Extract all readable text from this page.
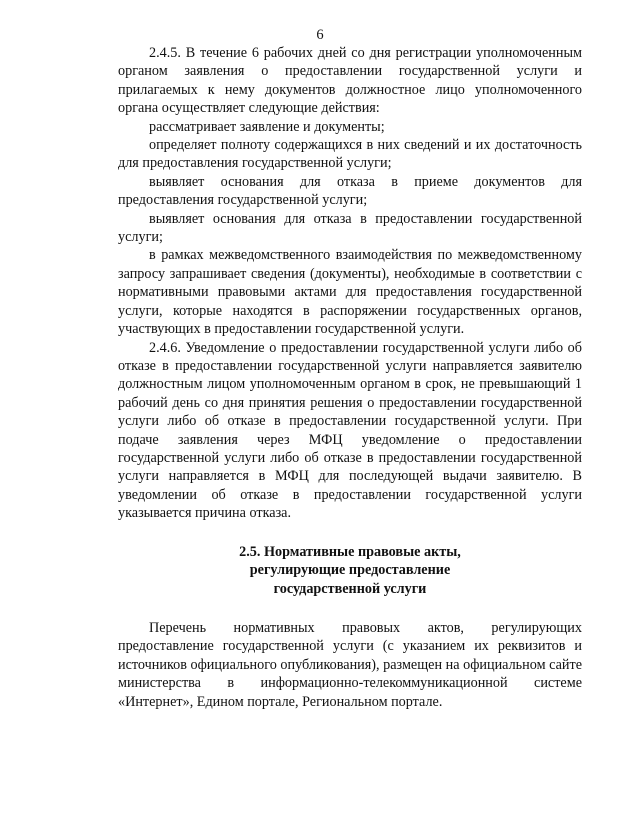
6

2.4.5. В течение 6 рабочих дней со дня регистрации уполномоченным органом заявления о предоставлении государственной услуги и прилагаемых к нему документов должностное лицо уполномоченного органа осуществляет следующие действия:

рассматривает заявление и документы;

определяет полноту содержащихся в них сведений и их достаточность для предоставления государственной услуги;

выявляет основания для отказа в приеме документов для предоставления государственной услуги;

выявляет основания для отказа в предоставлении государственной услуги;

в рамках межведомственного взаимодействия по межведомственному запросу запрашивает сведения (документы), необходимые в соответствии с нормативными правовыми актами для предоставления государственной услуги, которые находятся в распоряжении государственных органов, участвующих в предоставлении государственной услуги.

2.4.6. Уведомление о предоставлении государственной услуги либо об отказе в предоставлении государственной услуги направляется заявителю должностным лицом уполномоченным органом в срок, не превышающий 1 рабочий день со дня принятия решения о предоставлении государственной услуги либо об отказе в предоставлении государственной услуги. При подаче заявления через МФЦ уведомление о предоставлении государственной услуги либо об отказе в предоставлении государственной услуги направляется в МФЦ для последующей выдачи заявителю. В уведомлении об отказе в предоставлении государственной услуги указывается причина отказа.

2.5. Нормативные правовые акты,
регулирующие предоставление
государственной услуги

Перечень нормативных правовых актов, регулирующих предоставление государственной услуги (с указанием их реквизитов и источников официального опубликования), размещен на официальном сайте министерства в информационно-телекоммуникационной системе «Интернет», Едином портале, Региональном портале.
